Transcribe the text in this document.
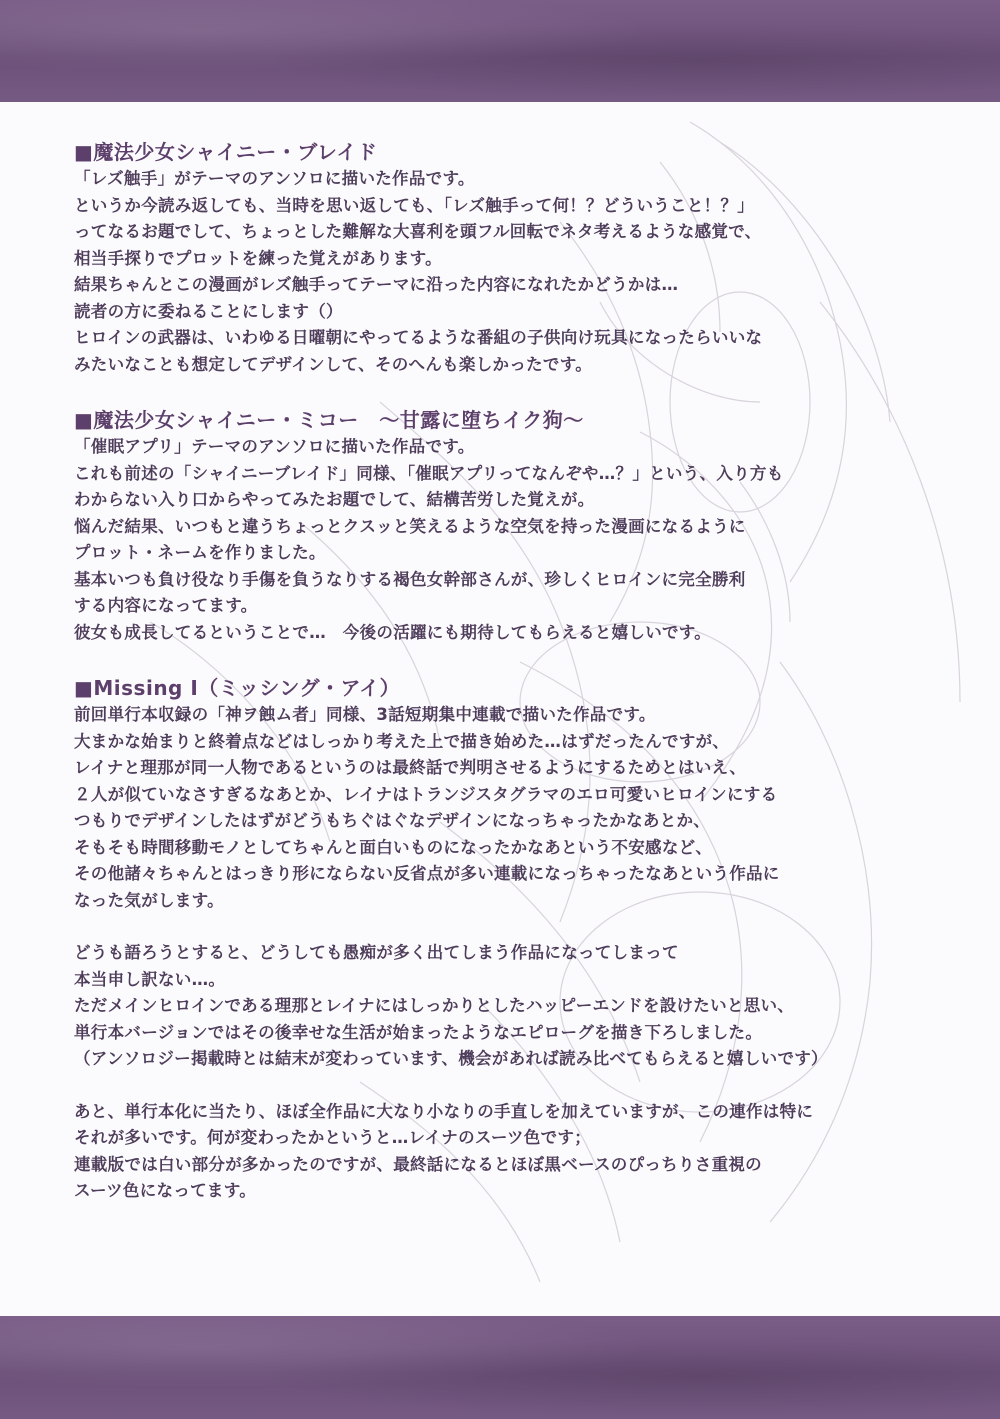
■魔法少女シャイニー・ブレイド
「レズ触手」がテーマのアンソロに描いた作品です。
というか今読み返しても、当時を思い返しても、「レズ触手って何！？どういうこと！？」
ってなるお題でして、ちょっとした難解な大喜利を頭フル回転でネタ考えるような感覚で、
相当手探りでプロットを練った覚えがあります。
結果ちゃんとこの漫画がレズ触手ってテーマに沿った内容になれたかどうかは…
読者の方に委ねることにします（）
ヒロインの武器は、いわゆる日曜朝にやってるような番組の子供向け玩具になったらいいな
みたいなことも想定してデザインして、そのへんも楽しかったです。
■魔法少女シャイニー・ミコー　～甘露に堕ちイク狗～
「催眠アプリ」テーマのアンソロに描いた作品です。
これも前述の「シャイニーブレイド」同様、「催眠アプリってなんぞや…？」という、入り方も
わからない入り口からやってみたお題でして、結構苦労した覚えが。
悩んだ結果、いつもと違うちょっとクスッと笑えるような空気を持った漫画になるように
プロット・ネームを作りました。
基本いつも負け役なり手傷を負うなりする褐色女幹部さんが、珍しくヒロインに完全勝利
する内容になってます。
彼女も成長してるということで…　今後の活躍にも期待してもらえると嬉しいです。
■Missing I（ミッシング・アイ）
前回単行本収録の「神ヲ蝕ム者」同様、3話短期集中連載で描いた作品です。
大まかな始まりと終着点などはしっかり考えた上で描き始めた…はずだったんですが、
レイナと理那が同一人物であるというのは最終話で判明させるようにするためとはいえ、
２人が似ていなさすぎるなあとか、レイナはトランジスタグラマのエロ可愛いヒロインにする
つもりでデザインしたはずがどうもちぐはぐなデザインになっちゃったかなあとか、
そもそも時間移動モノとしてちゃんと面白いものになったかなあという不安感など、
その他諸々ちゃんとはっきり形にならない反省点が多い連載になっちゃったなあという作品に
なった気がします。
どうも語ろうとすると、どうしても愚痴が多く出てしまう作品になってしまって
本当申し訳ない…。
ただメインヒロインである理那とレイナにはしっかりとしたハッピーエンドを設けたいと思い、
単行本バージョンではその後幸せな生活が始まったようなエピローグを描き下ろしました。
（アンソロジー掲載時とは結末が変わっています、機会があれば読み比べてもらえると嬉しいです）
あと、単行本化に当たり、ほぼ全作品に大なり小なりの手直しを加えていますが、この連作は特に
それが多いです。何が変わったかというと…レイナのスーツ色です；
連載版では白い部分が多かったのですが、最終話になるとほぼ黒ベースのぴっちりさ重視の
スーツ色になってます。
